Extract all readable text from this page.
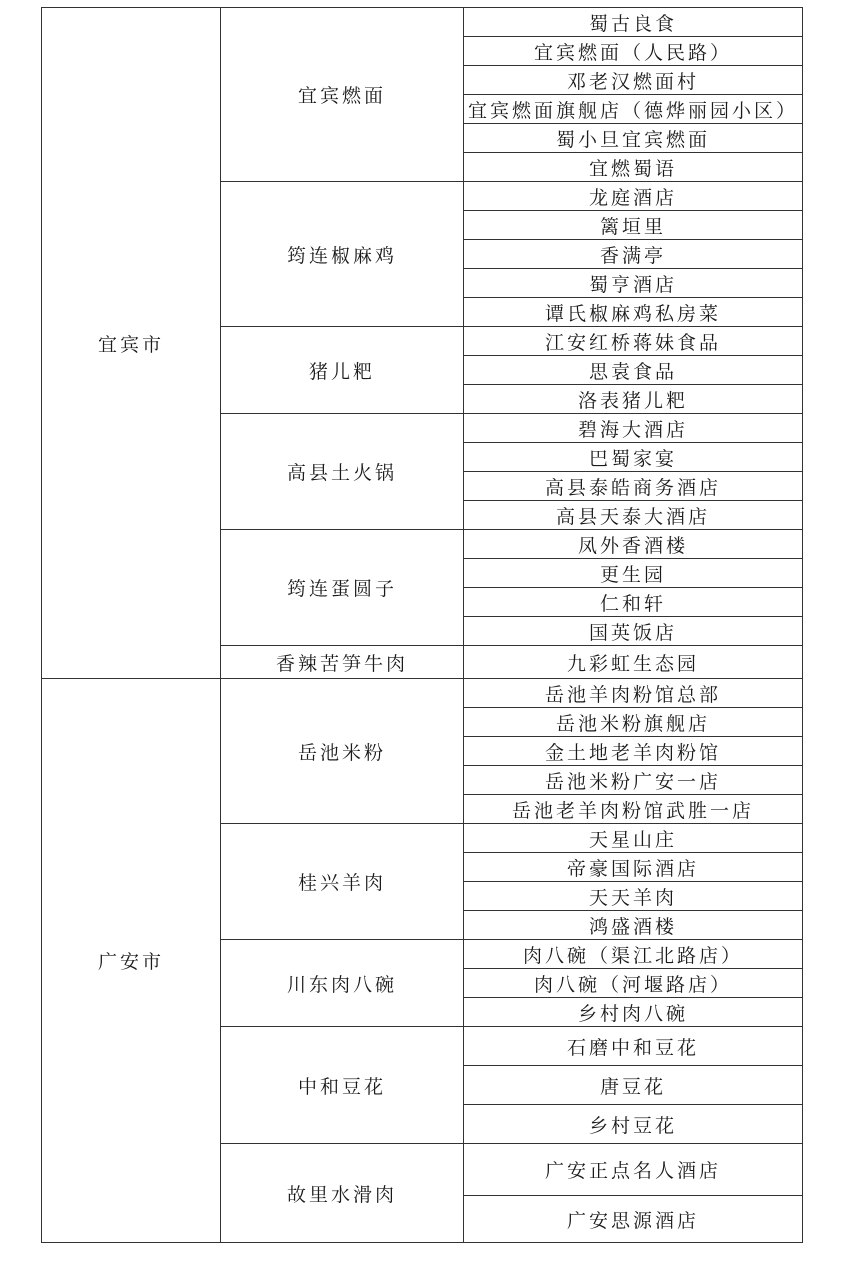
宜宾市	宜宾燃面	蜀古良食
		宜宾燃面（人民路）
		邓老汉燃面村
		宜宾燃面旗舰店（德烨丽园小区）
		蜀小旦宜宾燃面
		宜燃蜀语
	筠连椒麻鸡	龙庭酒店
		篱垣里
		香满亭
		蜀亨酒店
		谭氏椒麻鸡私房菜
	猪儿粑	江安红桥蒋妹食品
		思袁食品
		洛表猪儿粑
	高县土火锅	碧海大酒店
		巴蜀家宴
		高县泰皓商务酒店
		高县天泰大酒店
	筠连蛋圆子	凤外香酒楼
		更生园
		仁和轩
		国英饭店
	香辣苦笋牛肉	九彩虹生态园
广安市	岳池米粉	岳池羊肉粉馆总部
		岳池米粉旗舰店
		金土地老羊肉粉馆
		岳池米粉广安一店
		岳池老羊肉粉馆武胜一店
	桂兴羊肉	天星山庄
		帝豪国际酒店
		天天羊肉
		鸿盛酒楼
	川东肉八碗	肉八碗（渠江北路店）
		肉八碗（河堰路店）
		乡村肉八碗
	中和豆花	石磨中和豆花
		唐豆花
		乡村豆花
	故里水滑肉	广安正点名人酒店
		广安思源酒店
